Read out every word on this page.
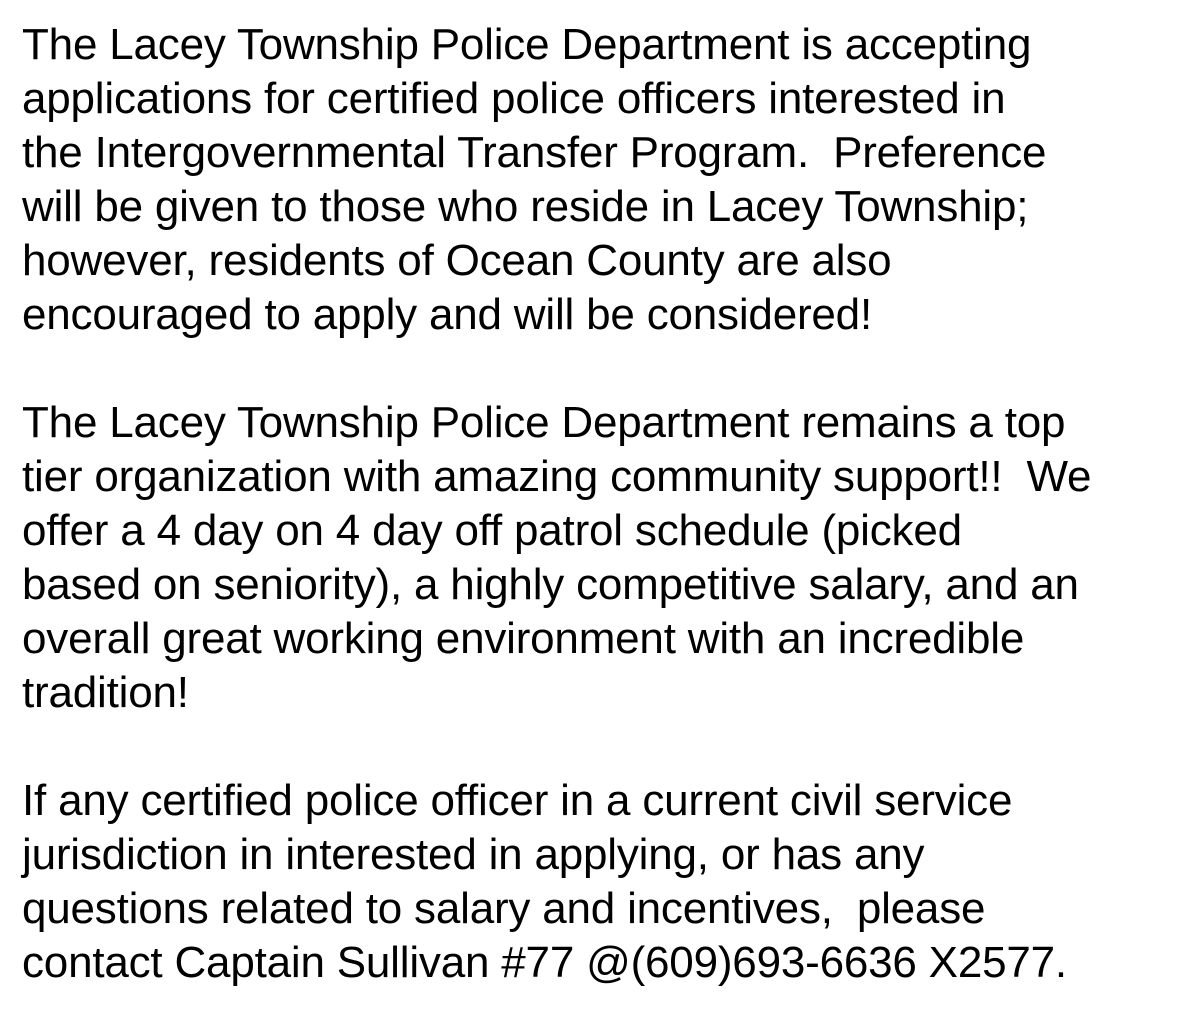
The Lacey Township Police Department is accepting
applications for certified police officers interested in
the Intergovernmental Transfer Program.  Preference
will be given to those who reside in Lacey Township;
however, residents of Ocean County are also
encouraged to apply and will be considered!
The Lacey Township Police Department remains a top
tier organization with amazing community support!!  We
offer a 4 day on 4 day off patrol schedule (picked
based on seniority), a highly competitive salary, and an
overall great working environment with an incredible
tradition!
If any certified police officer in a current civil service
jurisdiction in interested in applying, or has any
questions related to salary and incentives,  please
contact Captain Sullivan #77 @(609)693-6636 X2577.
